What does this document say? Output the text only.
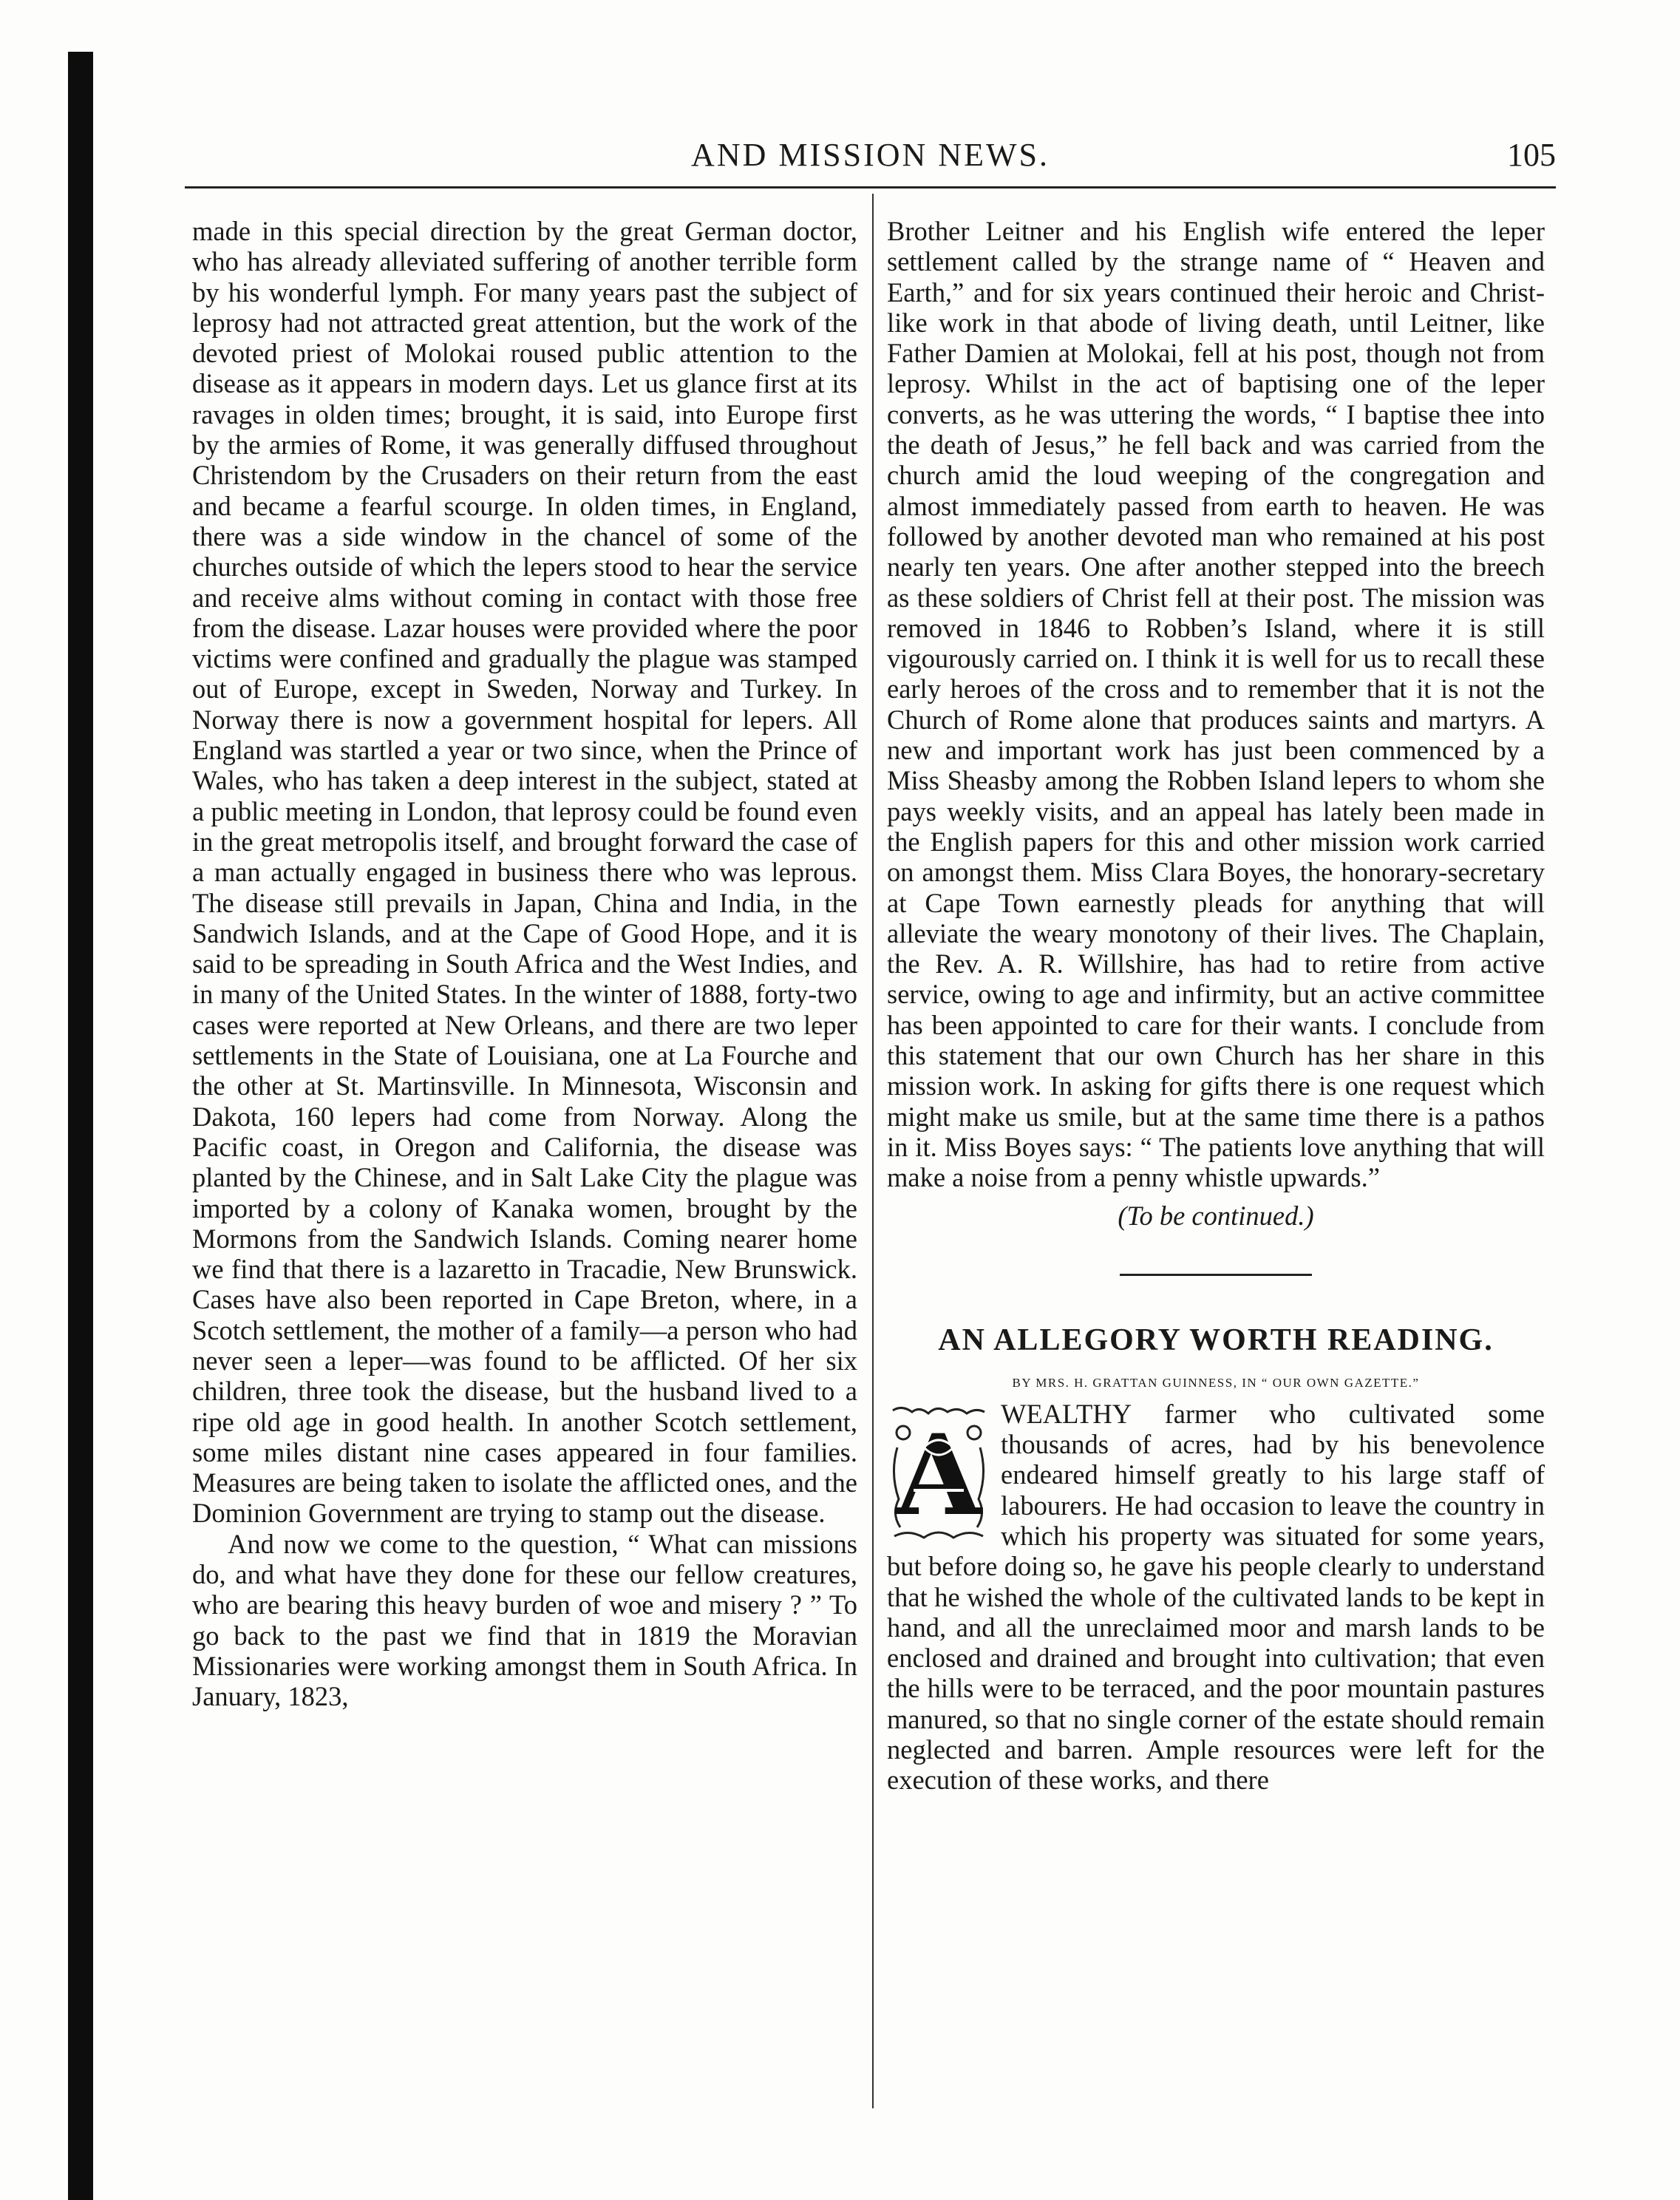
AND MISSION NEWS.	105

made in this special direction by the great German doctor, who has already alleviated suffering of another terrible form by his wonderful lymph. For many years past the subject of leprosy had not attracted great attention, but the work of the devoted priest of Molokai roused public attention to the disease as it appears in modern days. Let us glance first at its ravages in olden times; brought, it is said, into Europe first by the armies of Rome, it was generally diffused throughout Christendom by the Crusaders on their return from the east and became a fearful scourge. In olden times, in England, there was a side window in the chancel of some of the churches outside of which the lepers stood to hear the service and receive alms without coming in contact with those free from the disease. Lazar houses were provided where the poor victims were confined and gradually the plague was stamped out of Europe, except in Sweden, Norway and Turkey. In Norway there is now a government hospital for lepers. All England was startled a year or two since, when the Prince of Wales, who has taken a deep interest in the subject, stated at a public meeting in London, that leprosy could be found even in the great metropolis itself, and brought forward the case of a man actually engaged in business there who was leprous. The disease still prevails in Japan, China and India, in the Sandwich Islands, and at the Cape of Good Hope, and it is said to be spreading in South Africa and the West Indies, and in many of the United States. In the winter of 1888, forty-two cases were reported at New Orleans, and there are two leper settlements in the State of Louisiana, one at La Fourche and the other at St. Martinsville. In Minnesota, Wisconsin and Dakota, 160 lepers had come from Norway. Along the Pacific coast, in Oregon and California, the disease was planted by the Chinese, and in Salt Lake City the plague was imported by a colony of Kanaka women, brought by the Mormons from the Sandwich Islands. Coming nearer home we find that there is a lazaretto in Tracadie, New Brunswick. Cases have also been reported in Cape Breton, where, in a Scotch settlement, the mother of a family—a person who had never seen a leper—was found to be afflicted. Of her six children, three took the disease, but the husband lived to a ripe old age in good health. In another Scotch settlement, some miles distant nine cases appeared in four families. Measures are being taken to isolate the afflicted ones, and the Dominion Government are trying to stamp out the disease.

And now we come to the question, “ What can missions do, and what have they done for these our fellow creatures, who are bearing this heavy burden of woe and misery ? ” To go back to the past we find that in 1819 the Moravian Missionaries were working amongst them in South Africa. In January, 1823,

Brother Leitner and his English wife entered the leper settlement called by the strange name of “ Heaven and Earth,” and for six years continued their heroic and Christ-like work in that abode of living death, until Leitner, like Father Damien at Molokai, fell at his post, though not from leprosy. Whilst in the act of baptising one of the leper converts, as he was uttering the words, “ I baptise thee into the death of Jesus,” he fell back and was carried from the church amid the loud weeping of the congregation and almost immediately passed from earth to heaven. He was followed by another devoted man who remained at his post nearly ten years. One after another stepped into the breech as these soldiers of Christ fell at their post. The mission was removed in 1846 to Robben’s Island, where it is still vigourously carried on. I think it is well for us to recall these early heroes of the cross and to remember that it is not the Church of Rome alone that produces saints and martyrs. A new and important work has just been commenced by a Miss Sheasby among the Robben Island lepers to whom she pays weekly visits, and an appeal has lately been made in the English papers for this and other mission work carried on amongst them. Miss Clara Boyes, the honorary-secretary at Cape Town earnestly pleads for anything that will alleviate the weary monotony of their lives. The Chaplain, the Rev. A. R. Willshire, has had to retire from active service, owing to age and infirmity, but an active committee has been appointed to care for their wants. I conclude from this statement that our own Church has her share in this mission work. In asking for gifts there is one request which might make us smile, but at the same time there is a pathos in it. Miss Boyes says: “ The patients love anything that will make a noise from a penny whistle upwards.”

(To be continued.)

AN ALLEGORY WORTH READING.
BY MRS. H. GRATTAN GUINNESS, IN “ OUR OWN GAZETTE.”

A WEALTHY farmer who cultivated some thousands of acres, had by his benevolence endeared himself greatly to his large staff of labourers. He had occasion to leave the country in which his property was situated for some years, but before doing so, he gave his people clearly to understand that he wished the whole of the cultivated lands to be kept in hand, and all the unreclaimed moor and marsh lands to be enclosed and drained and brought into cultivation; that even the hills were to be terraced, and the poor mountain pastures manured, so that no single corner of the estate should remain neglected and barren. Ample resources were left for the execution of these works, and there
